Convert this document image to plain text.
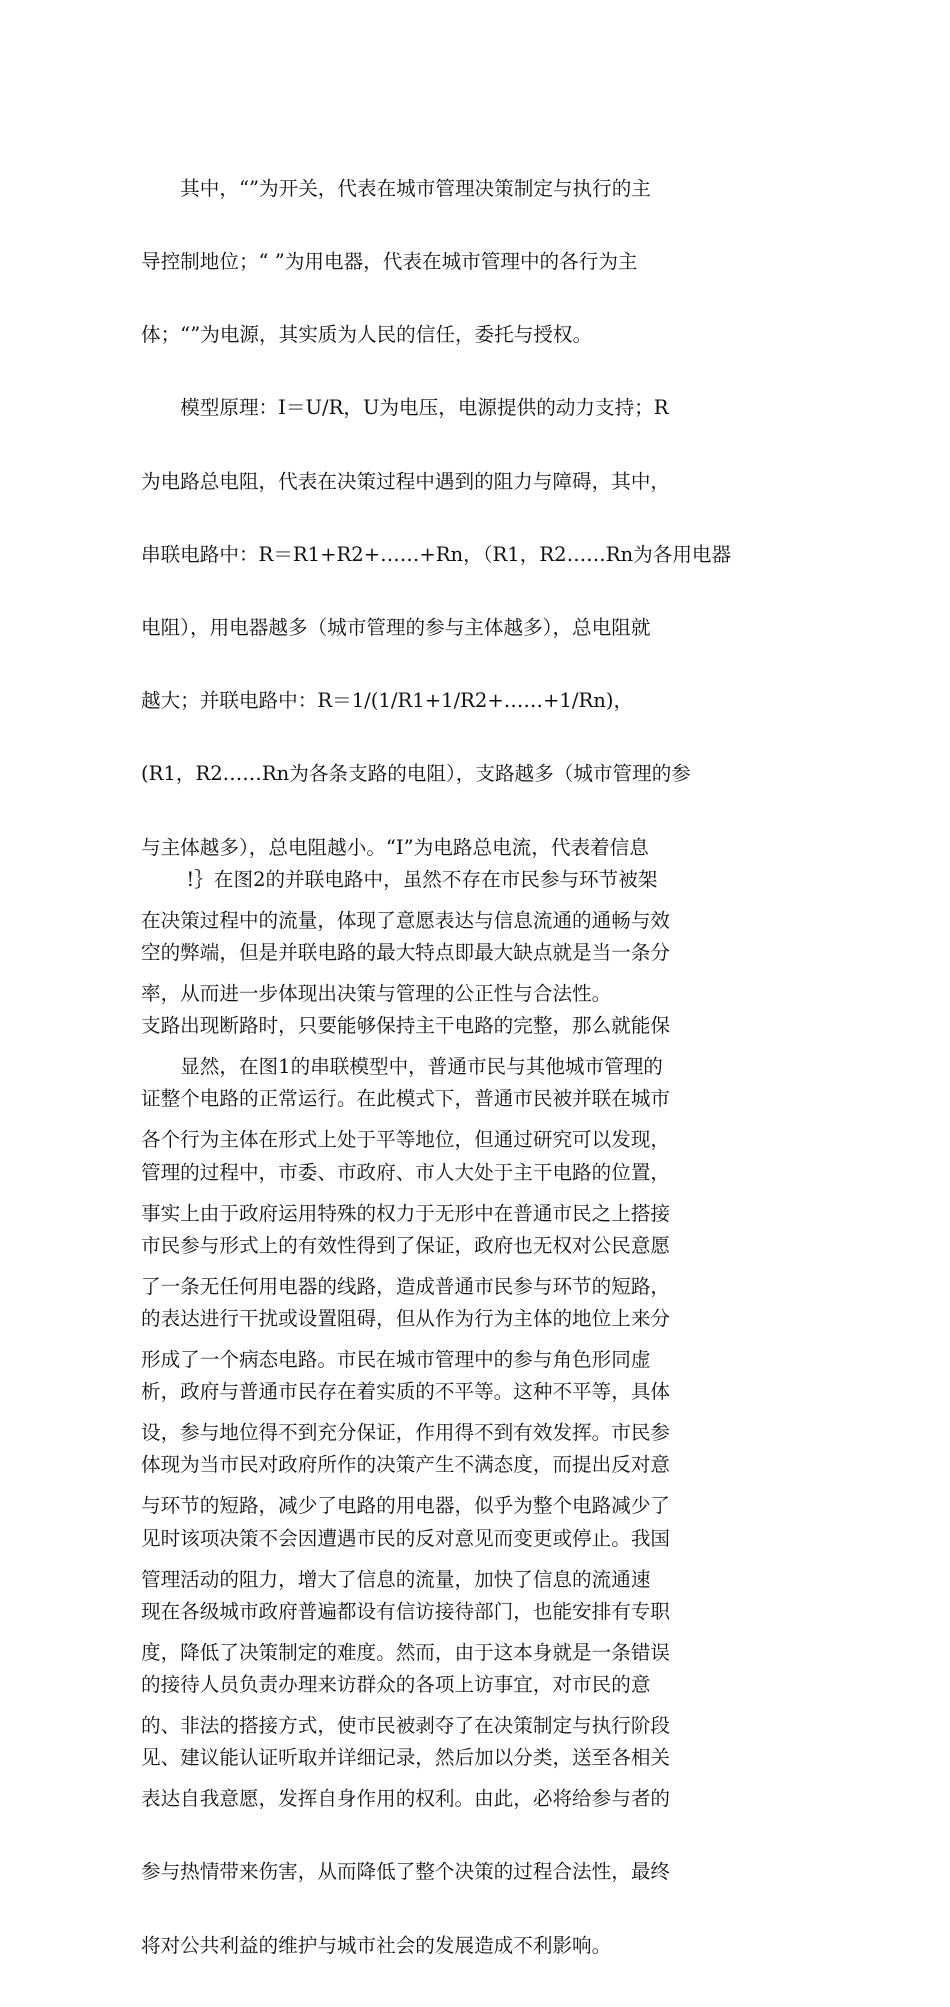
　　其中，“”为开关，代表在城市管理决策制定与执行的主

导控制地位；“ ”为用电器，代表在城市管理中的各行为主

体；“”为电源，其实质为人民的信任，委托与授权。

　　模型原理：I＝U/R，U为电压，电源提供的动力支持；R

为电路总电阻，代表在决策过程中遇到的阻力与障碍，其中，

串联电路中：R＝R1+R2+……+Rn，（R1，R2……Rn为各用电器

电阻），用电器越多（城市管理的参与主体越多），总电阻就

越大；并联电路中：R＝1/(1/R1+1/R2+……+1/Rn)，

(R1，R2……Rn为各条支路的电阻），支路越多（城市管理的参

与主体越多），总电阻越小。“I”为电路总电流，代表着信息

在决策过程中的流量，体现了意愿表达与信息流通的通畅与效

率，从而进一步体现出决策与管理的公正性与合法性。

　　显然，在图1的串联模型中，普通市民与其他城市管理的

各个行为主体在形式上处于平等地位，但通过研究可以发现，

事实上由于政府运用特殊的权力于无形中在普通市民之上搭接

了一条无任何用电器的线路，造成普通市民参与环节的短路，

形成了一个病态电路。市民在城市管理中的参与角色形同虚

设，参与地位得不到充分保证，作用得不到有效发挥。市民参

与环节的短路，减少了电路的用电器，似乎为整个电路减少了

管理活动的阻力，增大了信息的流量，加快了信息的流通速

度，降低了决策制定的难度。然而，由于这本身就是一条错误

的、非法的搭接方式，使市民被剥夺了在决策制定与执行阶段

表达自我意愿，发挥自身作用的权利。由此，必将给参与者的

参与热情带来伤害，从而降低了整个决策的过程合法性，最终

将对公共利益的维护与城市社会的发展造成不利影响。

　　 !｝在图2的并联电路中，虽然不存在市民参与环节被架

空的弊端，但是并联电路的最大特点即最大缺点就是当一条分

支路出现断路时，只要能够保持主干电路的完整，那么就能保

证整个电路的正常运行。在此模式下，普通市民被并联在城市

管理的过程中，市委、市政府、市人大处于主干电路的位置，

市民参与形式上的有效性得到了保证，政府也无权对公民意愿

的表达进行干扰或设置阻碍，但从作为行为主体的地位上来分

析，政府与普通市民存在着实质的不平等。这种不平等，具体

体现为当市民对政府所作的决策产生不满态度，而提出反对意

见时该项决策不会因遭遇市民的反对意见而变更或停止。我国

现在各级城市政府普遍都设有信访接待部门，也能安排有专职

的接待人员负责办理来访群众的各项上访事宜，对市民的意

见、建议能认证听取并详细记录，然后加以分类，送至各相关
